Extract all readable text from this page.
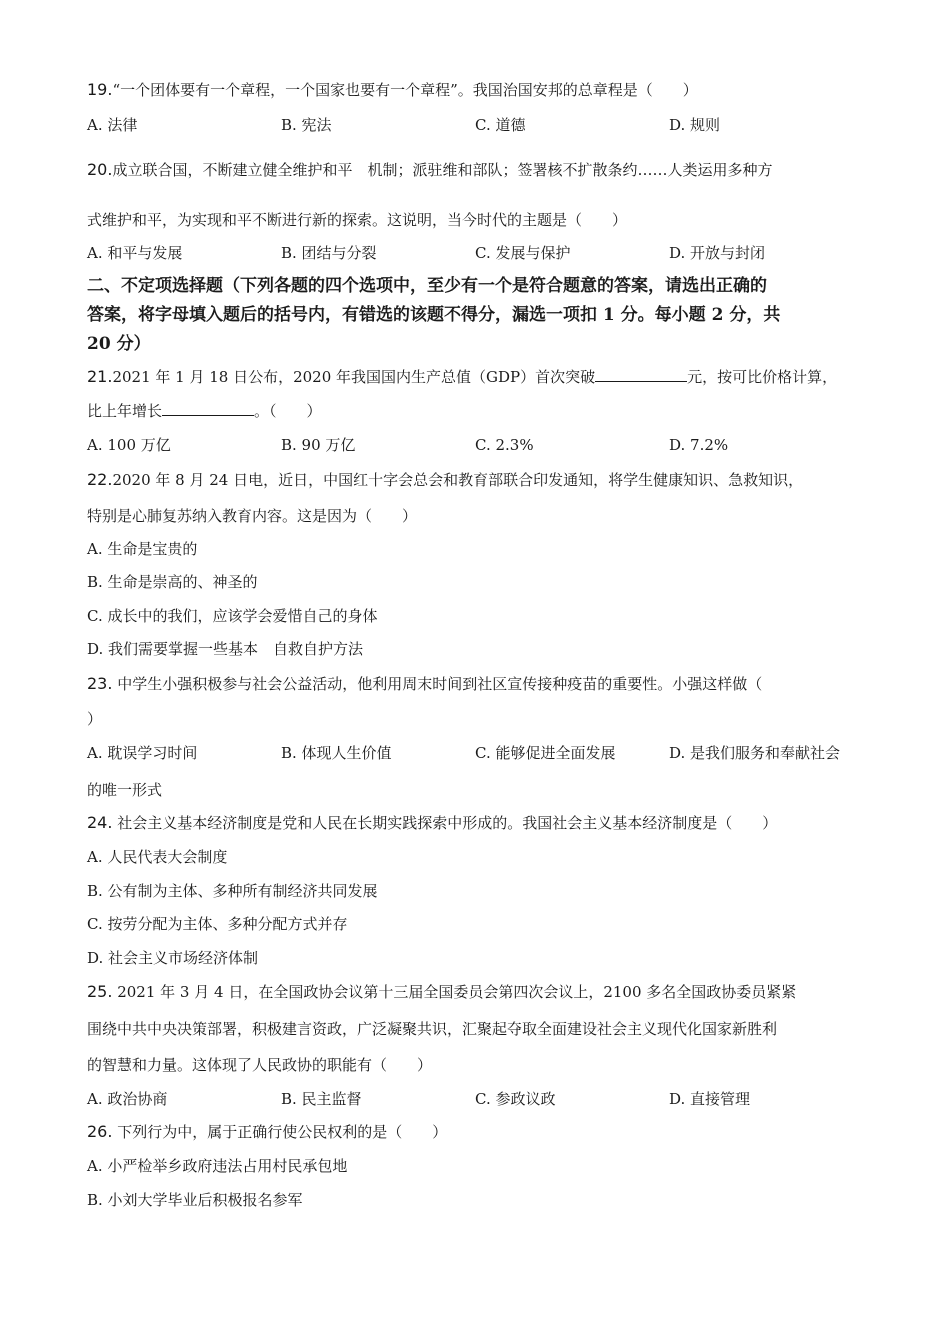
19.“一个团体要有一个章程，一个国家也要有一个章程”。我国治国安邦的总章程是（　　）
A. 法律	B. 宪法	C. 道德	D. 规则
20.成立联合国，不断建立健全维护和平　机制；派驻维和部队；签署核不扩散条约……人类运用多种方
式维护和平，为实现和平不断进行新的探索。这说明，当今时代的主题是（　　）
A. 和平与发展	B. 团结与分裂	C. 发展与保护	D. 开放与封闭
二、不定项选择题（下列各题的四个选项中，至少有一个是符合题意的答案，请选出正确的
答案，将字母填入题后的括号内，有错选的该题不得分，漏选一项扣 1 分。每小题 2 分，共
20 分）
21.2021 年 1 月 18 日公布，2020 年我国国内生产总值（GDP）首次突破	元，按可比价格计算，
比上年增长	。（　　）
A. 100 万亿	B. 90 万亿	C. 2.3%	D. 7.2%
22.2020 年 8 月 24 日电，近日，中国红十字会总会和教育部联合印发通知，将学生健康知识、急救知识，
特别是心肺复苏纳入教育内容。这是因为（　　）
A. 生命是宝贵的
B. 生命是崇高的、神圣的
C. 成长中的我们，应该学会爱惜自己的身体
D. 我们需要掌握一些基本　自救自护方法
23. 中学生小强积极参与社会公益活动，他利用周末时间到社区宣传接种疫苗的重要性。小强这样做（
）
A. 耽误学习时间	B. 体现人生价值	C. 能够促进全面发展	D. 是我们服务和奉献社会
的唯一形式
24. 社会主义基本经济制度是党和人民在长期实践探索中形成的。我国社会主义基本经济制度是（　　）
A. 人民代表大会制度
B. 公有制为主体、多种所有制经济共同发展
C. 按劳分配为主体、多种分配方式并存
D. 社会主义市场经济体制
25. 2021 年 3 月 4 日，在全国政协会议第十三届全国委员会第四次会议上，2100 多名全国政协委员紧紧
围绕中共中央决策部署，积极建言资政，广泛凝聚共识，汇聚起夺取全面建设社会主义现代化国家新胜利
的智慧和力量。这体现了人民政协的职能有（　　）
A. 政治协商	B. 民主监督	C. 参政议政	D. 直接管理
26. 下列行为中，属于正确行使公民权利的是（　　）
A. 小严检举乡政府违法占用村民承包地
B. 小刘大学毕业后积极报名参军
